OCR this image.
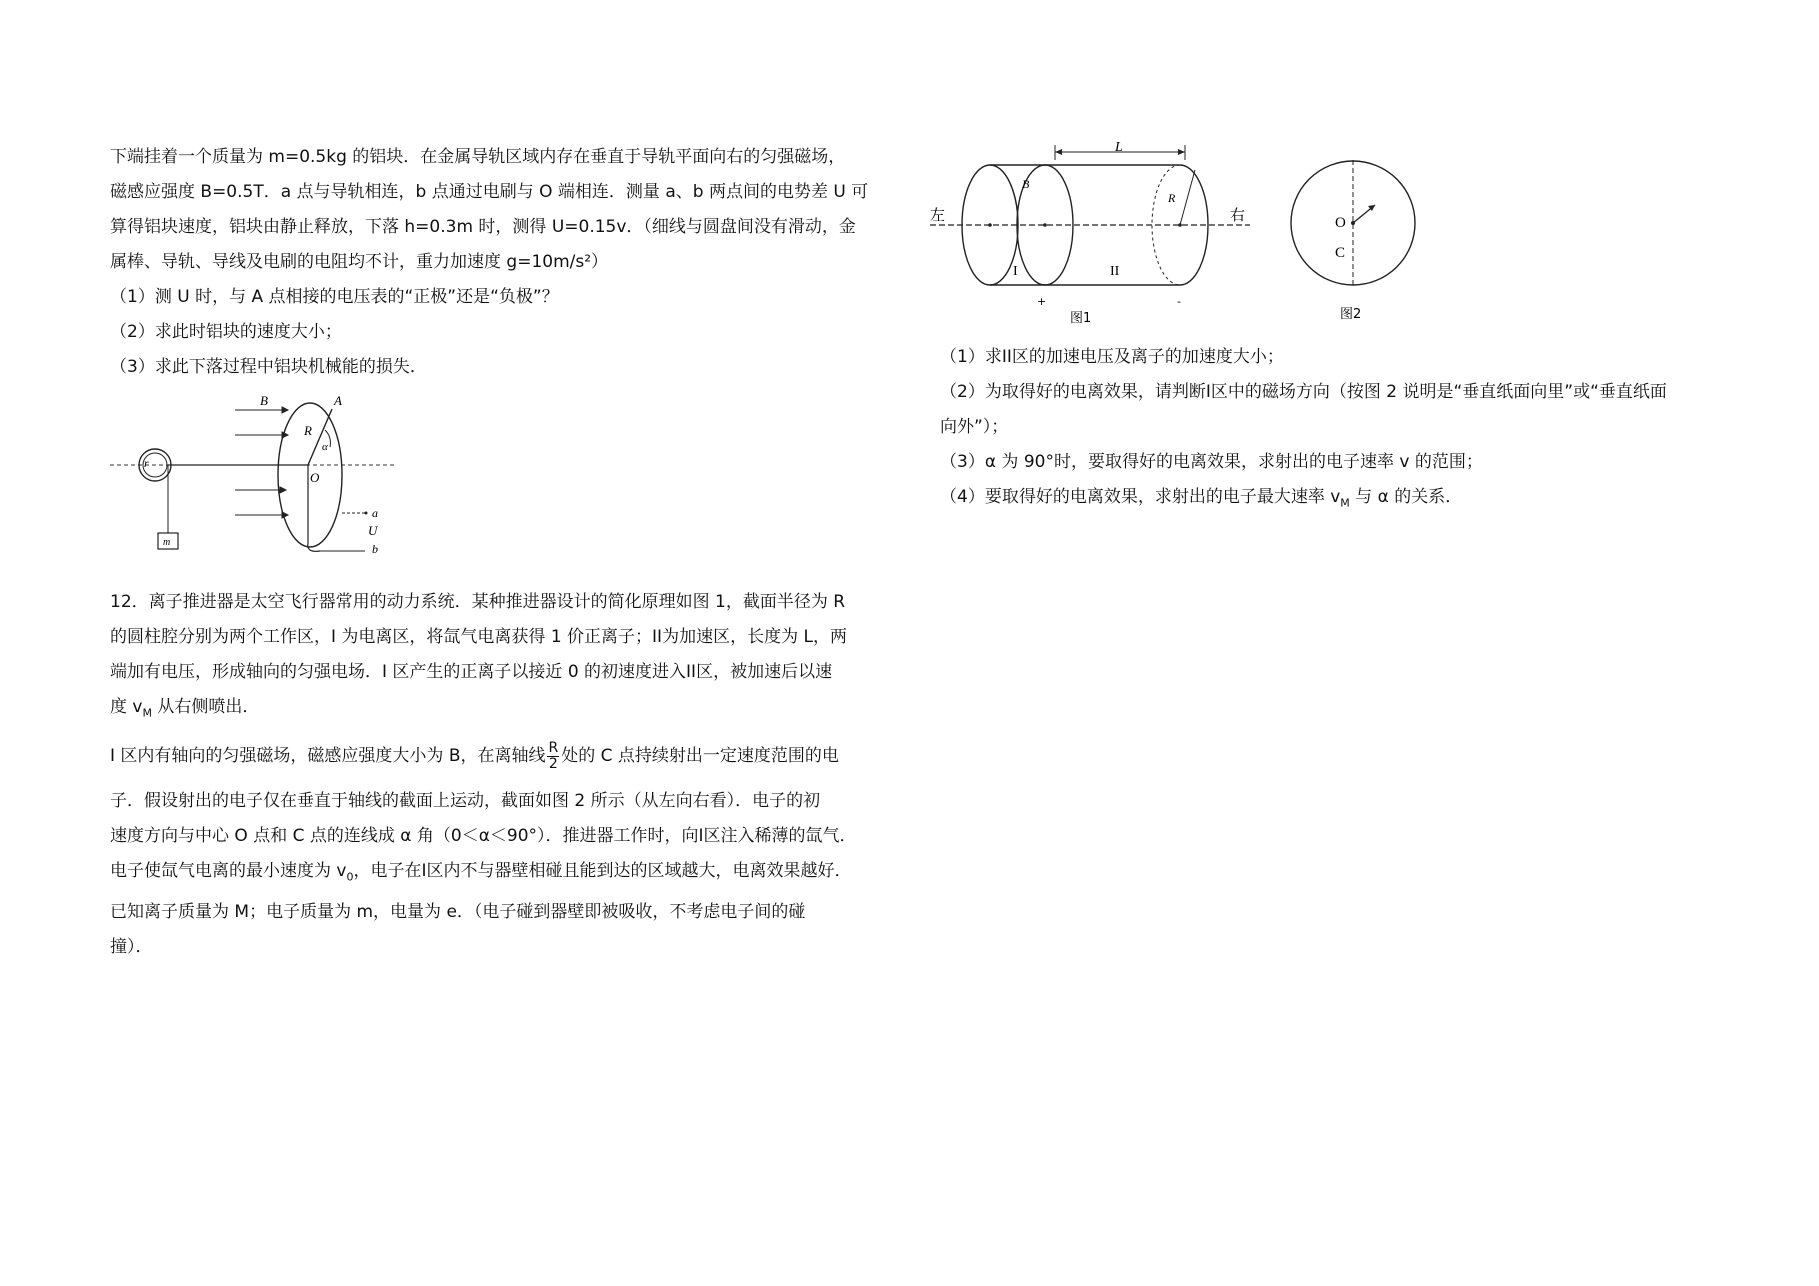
下端挂着一个质量为 m=0.5kg 的铝块．在金属导轨区域内存在垂直于导轨平面向右的匀强磁场，

磁感应强度 B=0.5T．a 点与导轨相连，b 点通过电刷与 O 端相连．测量 a、b 两点间的电势差 U 可

算得铝块速度，铝块由静止释放，下落 h=0.3m 时，测得 U=0.15v．（细线与圆盘间没有滑动，金

属棒、导轨、导线及电刷的电阻均不计，重力加速度 g=10m/s²）

（1）测 U 时，与 A 点相接的电压表的“正极”还是“负极”？

（2）求此时铝块的速度大小；

（3）求此下落过程中铝块机械能的损失．

r
m
A
R
α
O
B
a
U
b

12．离子推进器是太空飞行器常用的动力系统．某种推进器设计的简化原理如图 1，截面半径为 R

的圆柱腔分别为两个工作区，I 为电离区，将氙气电离获得 1 价正离子；II为加速区，长度为 L，两

端加有电压，形成轴向的匀强电场．I 区产生的正离子以接近 0 的初速度进入II区，被加速后以速

度 $v_M$ 从右侧喷出．

I 区内有轴向的匀强磁场，磁感应强度大小为 B，在离轴线 $\frac{R}{2}$ 处的 C 点持续射出一定速度范围的电

子．假设射出的电子仅在垂直于轴线的截面上运动，截面如图 2 所示（从左向右看）．电子的初

速度方向与中心 O 点和 C 点的连线成 α 角（0＜α＜90°）．推进器工作时，向I区注入稀薄的氙气．

电子使氙气电离的最小速度为 $v_0$，电子在I区内不与器壁相碰且能到达的区域越大，电离效果越好．

已知离子质量为 M；电子质量为 m，电量为 e．（电子碰到器壁即被吸收，不考虑电子间的碰

撞）．

L
R
B
左	右
I	II
+	-
图1
O
C
图2

（1）求II区的加速电压及离子的加速度大小；

（2）为取得好的电离效果，请判断I区中的磁场方向（按图 2 说明是“垂直纸面向里”或“垂直纸面

向外”）；

（3）α 为 90°时，要取得好的电离效果，求射出的电子速率 v 的范围；

（4）要取得好的电离效果，求射出的电子最大速率 $v_M$ 与 α 的关系．
